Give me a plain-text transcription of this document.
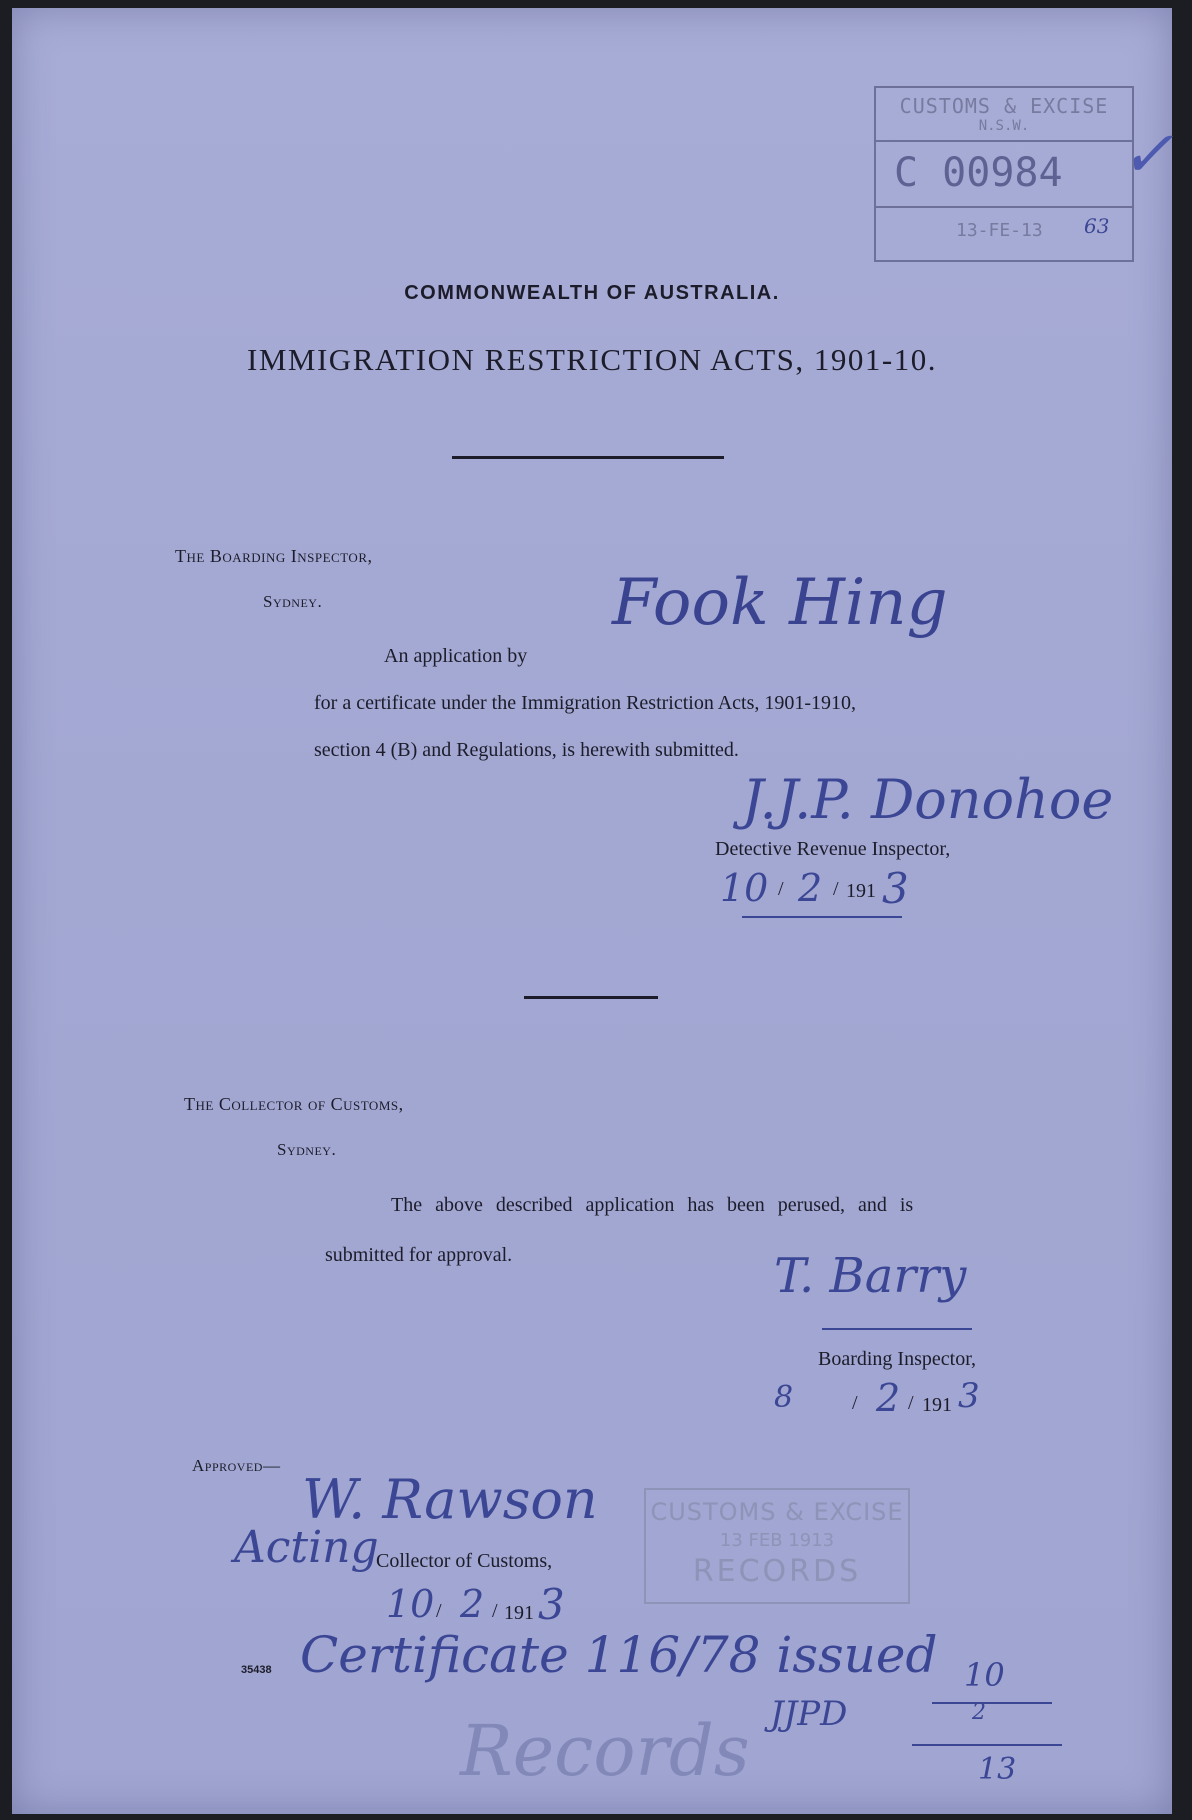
CUSTOMS & EXCISE
N.S.W.
C 00984
13-FE-13 63
✓
COMMONWEALTH OF AUSTRALIA.
IMMIGRATION RESTRICTION ACTS, 1901-10.
The Boarding Inspector,
Sydney.
An application by
Fook Hing
for a certificate under the Immigration Restriction Acts, 1901-1910,
section 4 (B) and Regulations, is herewith submitted.
J.J.P. Donohoe
Detective Revenue Inspector,
10 / 2 / 191 3
The Collector of Customs,
Sydney.
The above described application has been perused, and is
submitted for approval.	T. Barry
Boarding Inspector,
8	/ 2 / 191 3
Approved—
W. Rawson
Acting
Collector of Customs,
10 / 2 / 191 3
CUSTOMS & EXCISE
13 FEB 1913
RECORDS
35438 Certificate 116/78 issued
JJPD
10
2
13
Records
